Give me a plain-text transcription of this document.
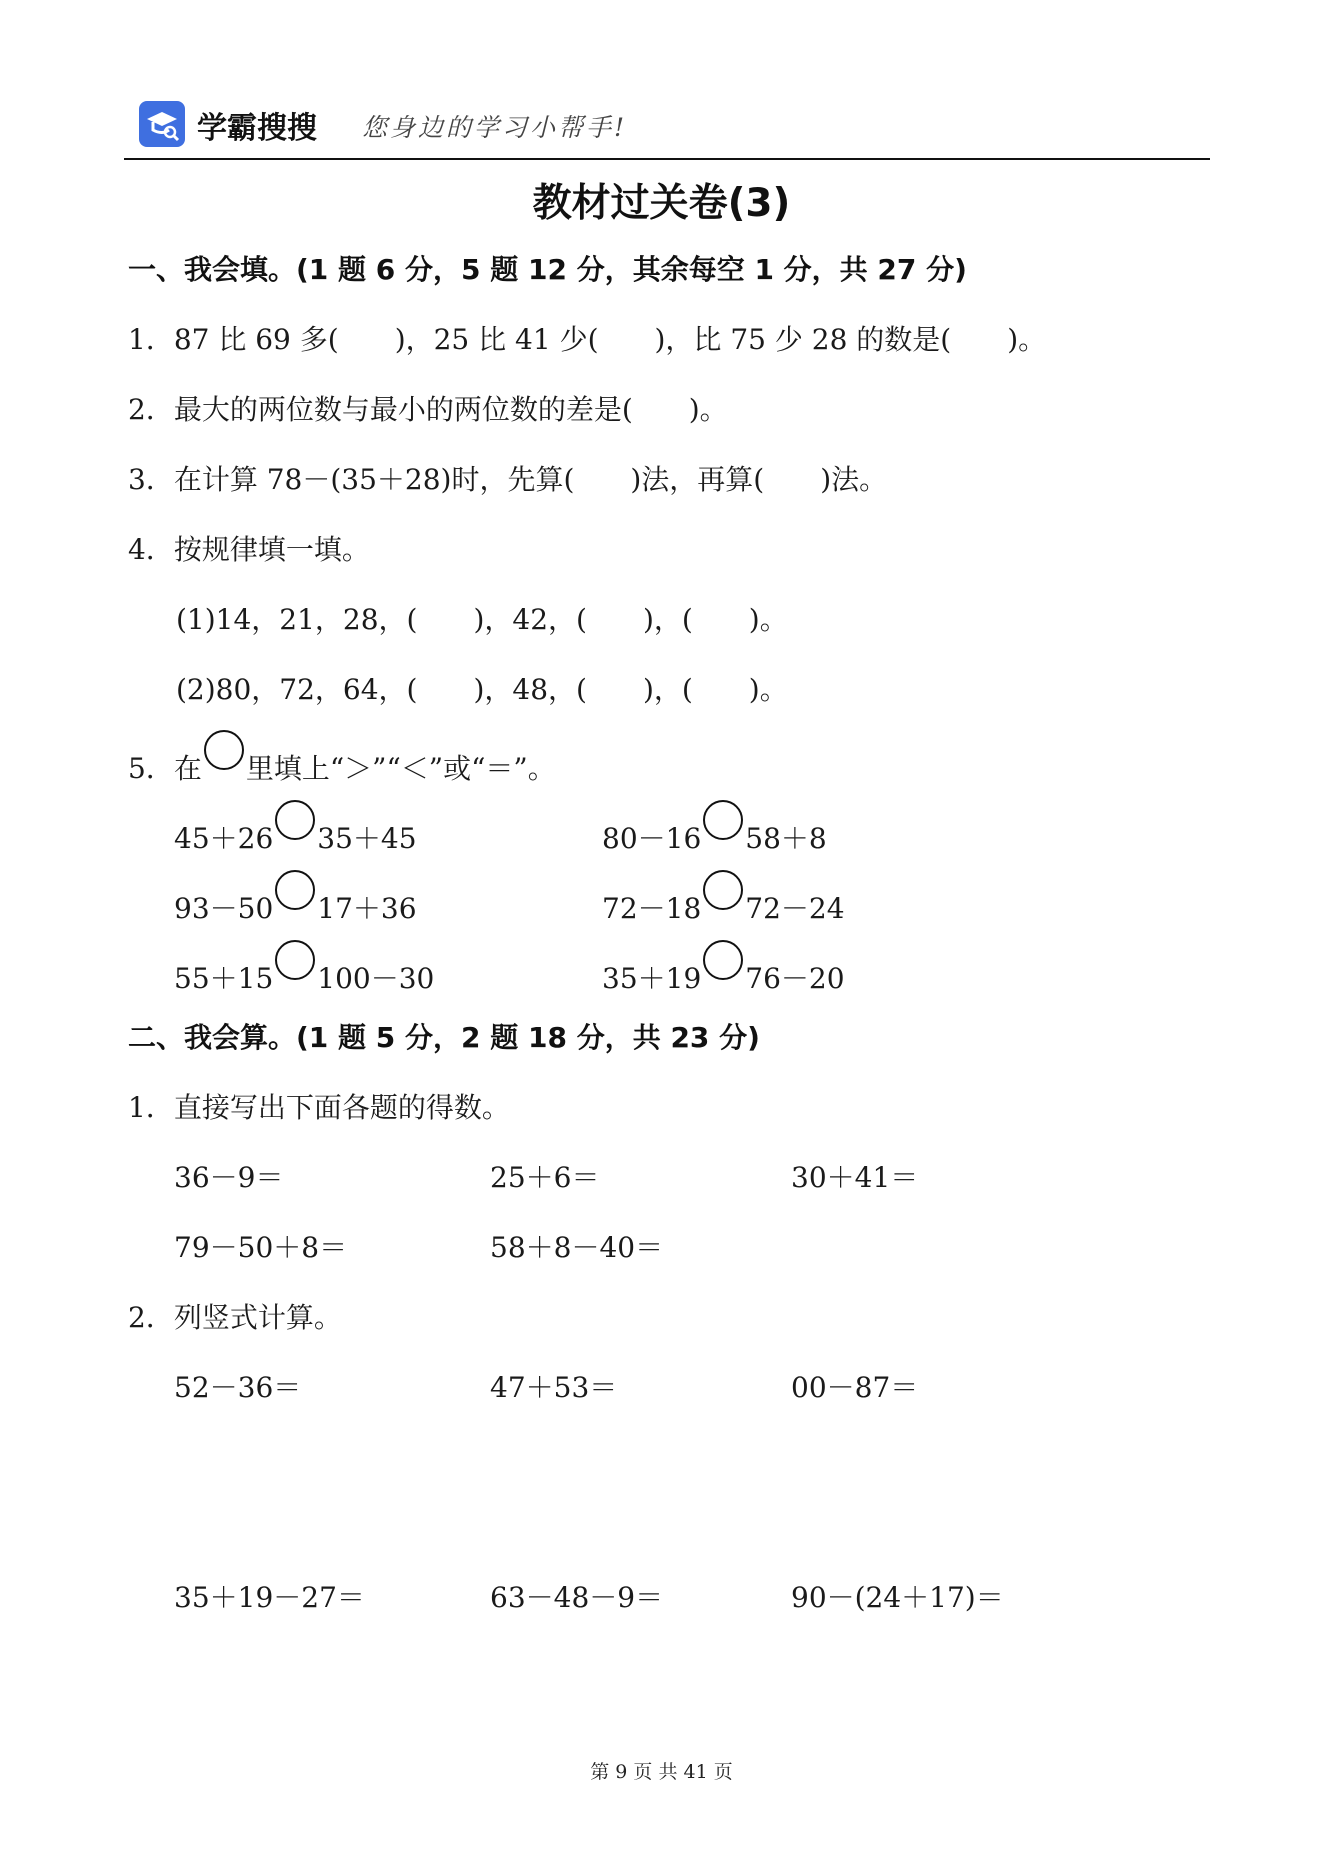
学霸搜搜 您身边的学习小帮手!
教材过关卷(3)
一、我会填。(1 题 6 分，5 题 12 分，其余每空 1 分，共 27 分)
1．87 比 69 多(　　)，25 比 41 少(　　)，比 75 少 28 的数是(　　)。
2．最大的两位数与最小的两位数的差是(　　)。
3．在计算 78－(35＋28)时，先算(　　)法，再算(　　)法。
4．按规律填一填。
(1)14，21，28，(　　)，42，(　　)，(　　)。
(2)80，72，64，(　　)，48，(　　)，(　　)。
5．在 里填上“＞”“＜”或“＝”。
45＋26 35＋45	80－16 58＋8
93－50 17＋36	72－18 72－24
55＋15 100－30	35＋19 76－20
二、我会算。(1 题 5 分，2 题 18 分，共 23 分)
1．直接写出下面各题的得数。
36－9＝	25＋6＝	30＋41＝
79－50＋8＝	58＋8－40＝
2．列竖式计算。
52－36＝	47＋53＝	00－87＝
35＋19－27＝	63－48－9＝	90－(24＋17)＝
第 9 页 共 41 页
